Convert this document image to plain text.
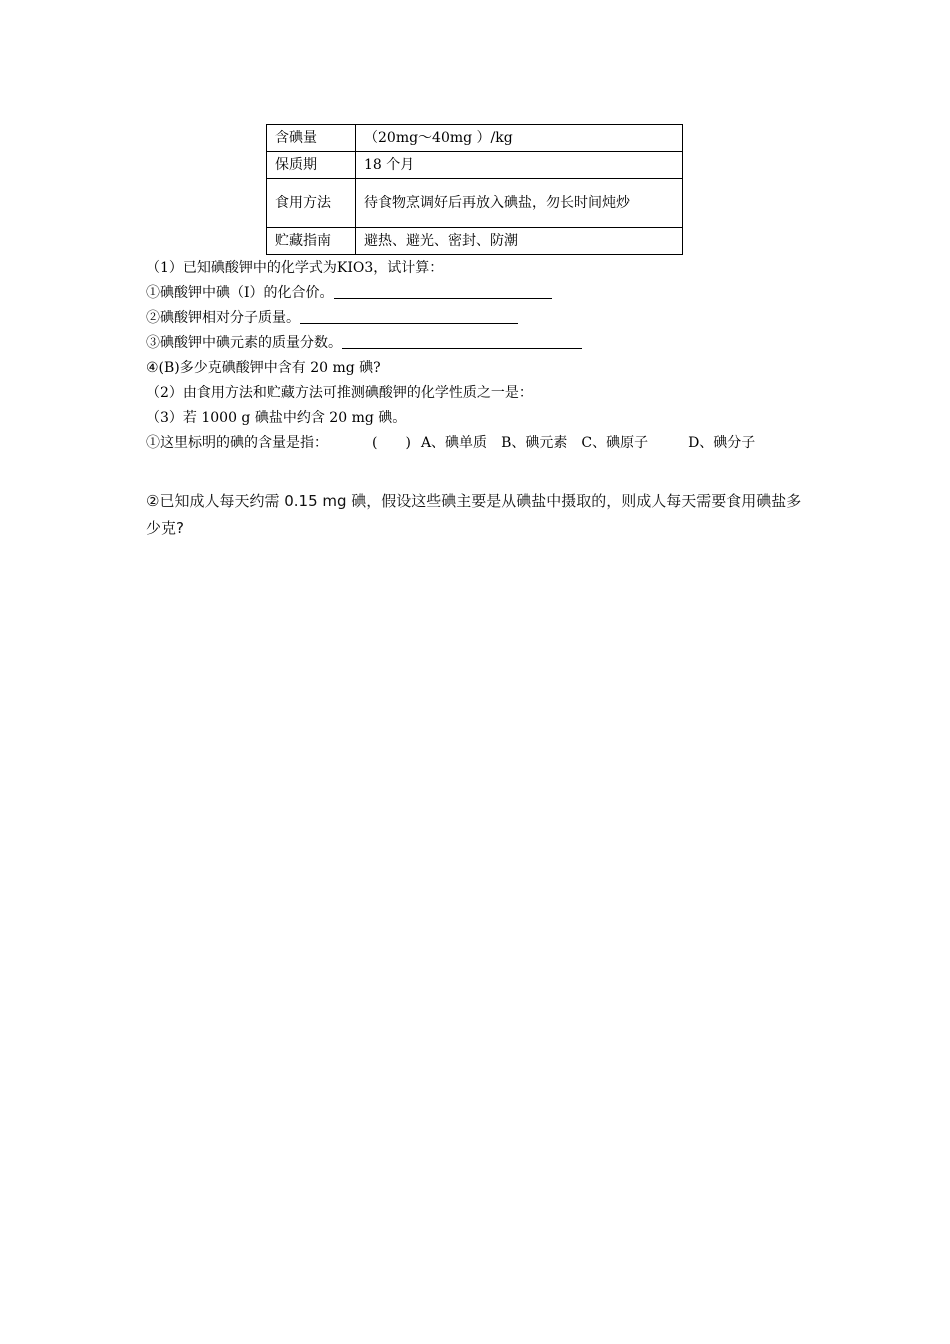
含碘量	（20mg～40mg ）/kg
保质期	18 个月
食用方法	待食物烹调好后再放入碘盐，勿长时间炖炒
贮藏指南	避热、避光、密封、防潮
（1）已知碘酸钾中的化学式为KIO3，试计算：
①碘酸钾中碘（I）的化合价。
②碘酸钾相对分子质量。
③碘酸钾中碘元素的质量分数。
④(B)多少克碘酸钾中含有 20 mg 碘?
（2）由食用方法和贮藏方法可推测碘酸钾的化学性质之一是：
（3）若 1000 g 碘盐中约含 20 mg 碘。
①这里标明的碘的含量是指：	(　　) A、碘单质 B、碘元素 C、碘原子	D、碘分子
②已知成人每天约需 0.15 mg 碘，假设这些碘主要是从碘盐中摄取的，则成人每天需要食用碘盐多少克?
